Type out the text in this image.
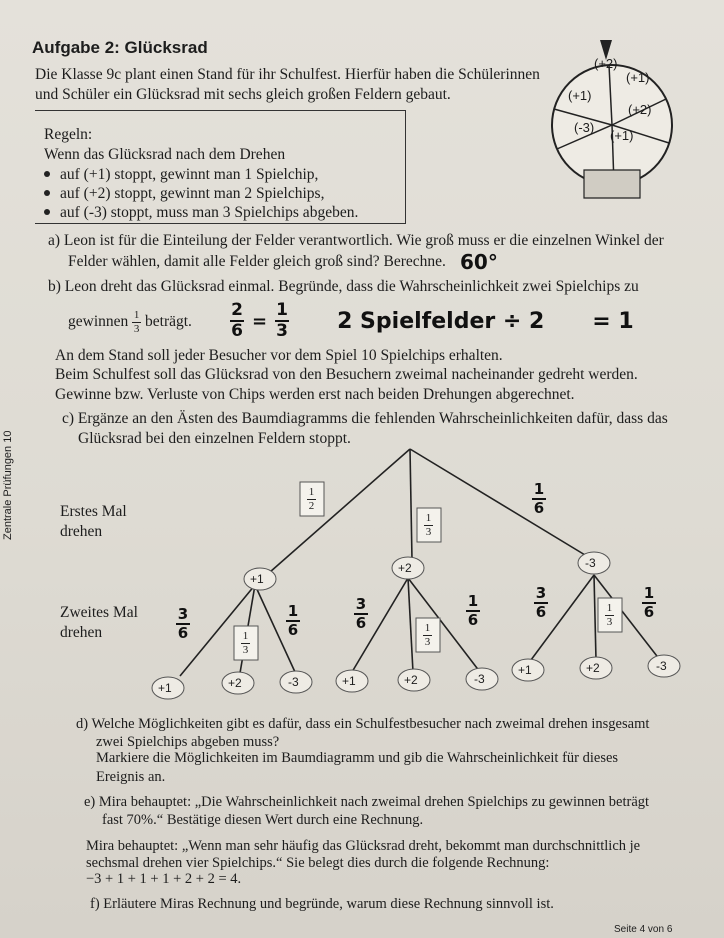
Zentrale Prüfungen 10
Aufgabe 2: Glücksrad
Die Klasse 9c plant einen Stand für ihr Schulfest. Hierfür haben die Schülerinnen
und Schüler ein Glücksrad mit sechs gleich großen Feldern gebaut.
(+2)
(+1)
(+2)
(+1)
(-3)
(+1)
Regeln:
Wenn das Glücksrad nach dem Drehen
auf (+1) stoppt, gewinnt man 1 Spielchip,
auf (+2) stoppt, gewinnt man 2 Spielchips,
auf (-3) stoppt, muss man 3 Spielchips abgeben.
a) Leon ist für die Einteilung der Felder verantwortlich. Wie groß muss er die einzelnen Winkel der
Felder wählen, damit alle Felder gleich groß sind? Berechne. 60°
b) Leon dreht das Glücksrad einmal. Begründe, dass die Wahrscheinlichkeit zwei Spielchips zu
gewinnen $\frac{1}{3}$ beträgt. $\frac{2}{6} = \frac{1}{3} 2$ Spielfelder ÷ 2 = 1
An dem Stand soll jeder Besucher vor dem Spiel 10 Spielchips erhalten.
Beim Schulfest soll das Glücksrad von den Besuchern zweimal nacheinander gedreht werden.
Gewinne bzw. Verluste von Chips werden erst nach beiden Drehungen abgerechnet.
c) Ergänze an den Ästen des Baumdiagramms die fehlenden Wahrscheinlichkeiten dafür, dass das
Glücksrad bei den einzelnen Feldern stoppt.
Erstes Mal
drehen
Zweites Mal
drehen
1
2
1
3
1
3
1
3
1
3
1
6
3
6
1
6
3
6
1
6
3
6
1
6
+1
+2	-3
+1	+2	-3	+1	+2	-3
+1	+2	-3
d) Welche Möglichkeiten gibt es dafür, dass ein Schulfestbesucher nach zweimal drehen insgesamt
zwei Spielchips abgeben muss?
Markiere die Möglichkeiten im Baumdiagramm und gib die Wahrscheinlichkeit für dieses
Ereignis an.
e) Mira behauptet: „Die Wahrscheinlichkeit nach zweimal drehen Spielchips zu gewinnen beträgt
fast 70%.“ Bestätige diesen Wert durch eine Rechnung.
Mira behauptet: „Wenn man sehr häufig das Glücksrad dreht, bekommt man durchschnittlich je
sechsmal drehen vier Spielchips.“ Sie belegt dies durch die folgende Rechnung:
−3 + 1 + 1 + 1 + 2 + 2 = 4.
f) Erläutere Miras Rechnung und begründe, warum diese Rechnung sinnvoll ist.
Seite 4 von 6
